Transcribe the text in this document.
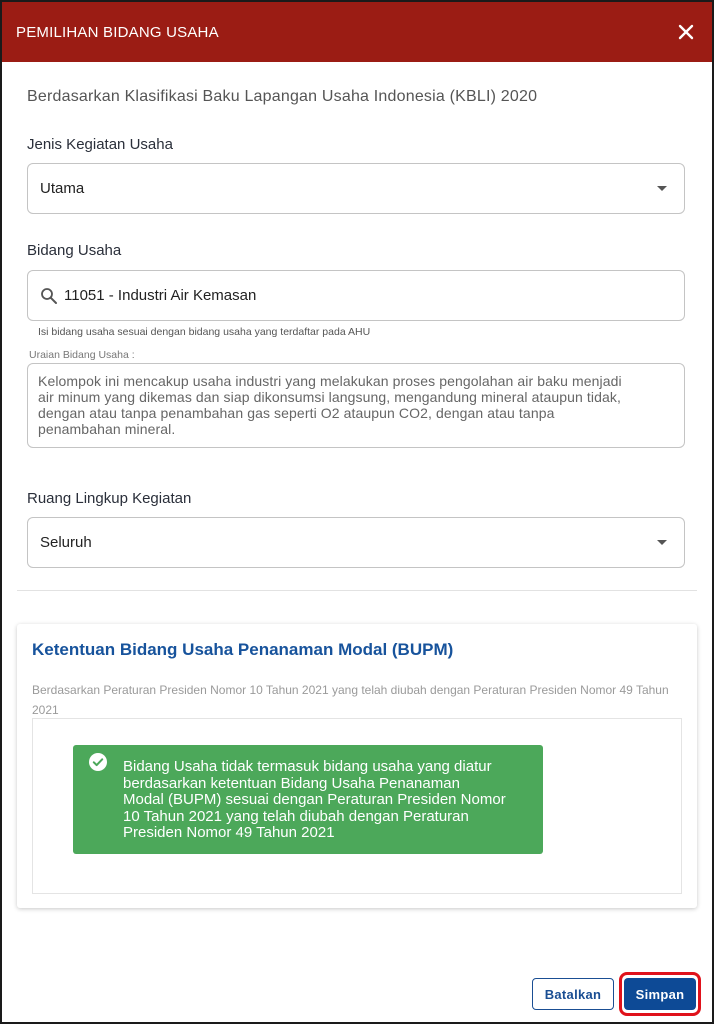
PEMILIHAN BIDANG USAHA
Berdasarkan Klasifikasi Baku Lapangan Usaha Indonesia (KBLI) 2020
Jenis Kegiatan Usaha
Utama
Bidang Usaha
11051 - Industri Air Kemasan
Isi bidang usaha sesuai dengan bidang usaha yang terdaftar pada AHU
Uraian Bidang Usaha :
Kelompok ini mencakup usaha industri yang melakukan proses pengolahan air baku menjadi
air minum yang dikemas dan siap dikonsumsi langsung, mengandung mineral ataupun tidak,
dengan atau tanpa penambahan gas seperti O2 ataupun CO2, dengan atau tanpa
penambahan mineral.
Ruang Lingkup Kegiatan
Seluruh
Ketentuan Bidang Usaha Penanaman Modal (BUPM)
Berdasarkan Peraturan Presiden Nomor 10 Tahun 2021 yang telah diubah dengan Peraturan Presiden Nomor 49 Tahun 2021
Bidang Usaha tidak termasuk bidang usaha yang diatur
berdasarkan ketentuan Bidang Usaha Penanaman
Modal (BUPM) sesuai dengan Peraturan Presiden Nomor
10 Tahun 2021 yang telah diubah dengan Peraturan
Presiden Nomor 49 Tahun 2021
Batalkan	Simpan
